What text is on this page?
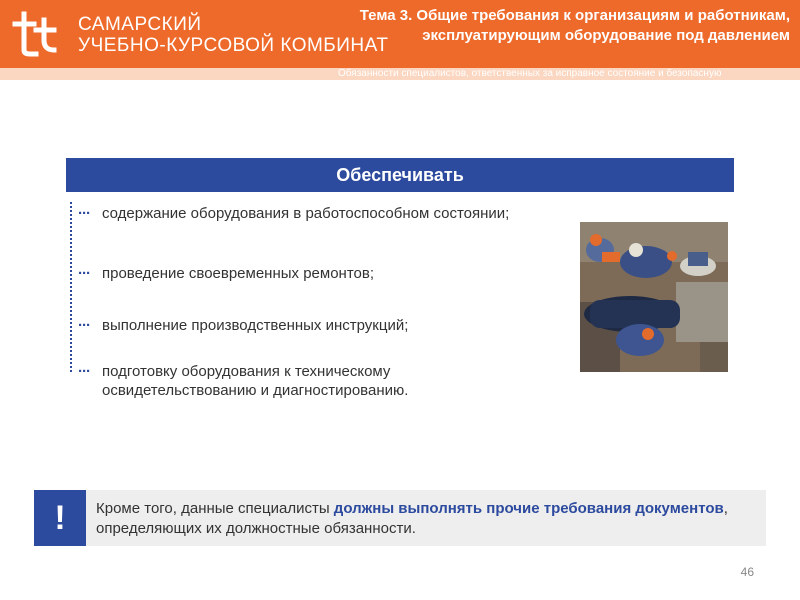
САМАРСКИЙ
УЧЕБНО-КУРСОВОЙ КОМБИНАТ
Тема 3. Общие требования к организациям и работникам, эксплуатирующим оборудование под давлением
Обязанности специалистов, ответственных за исправное состояние и безопасную
Обеспечивать
··· содержание оборудования в работоспособном состоянии;
··· проведение своевременных ремонтов;
··· выполнение производственных инструкций;
··· подготовку оборудования к техническому освидетельствованию и диагностированию.
!	Кроме того, данные специалисты должны выполнять прочие требования документов, определяющих их должностные обязанности.
46
